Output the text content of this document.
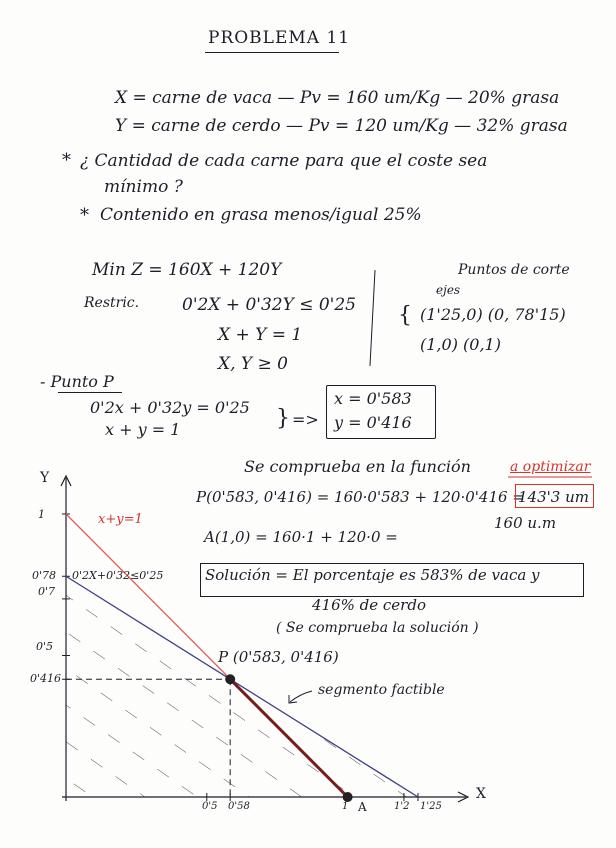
PROBLEMA 11
X = carne de vaca — Pv = 160 um/Kg — 20% grasa
Y = carne de cerdo — Pv = 120 um/Kg — 32% grasa
* ¿ Cantidad de cada carne para que el coste sea
mínimo ?
* Contenido en grasa menos/igual 25%
Min Z = 160X + 120Y
Restric.	0'2X + 0'32Y ≤ 0'25
X + Y = 1
X, Y ≥ 0
Puntos de corte
ejes
{ (1'25,0) (0, 78'15)
(1,0) (0,1)
- Punto P
0'2x + 0'32y = 0'25
x + y = 1	} =>
x = 0'583
y = 0'416
Se comprueba en la función	a optimizar
P(0'583, 0'416) = 160·0'583 + 120·0'416 =
143'3 um
A(1,0) = 160·1 + 120·0 =
160 u.m
Solución = El porcentaje es 583% de vaca y
416% de cerdo
( Se comprueba la solución )
Y
X
1
0'78
0'7
0'5
0'416
0'5 0'58	1	1'2 1'25
x+y=1
0'2X+0'32≤0'25
P (0'583, 0'416)
A
segmento factible
